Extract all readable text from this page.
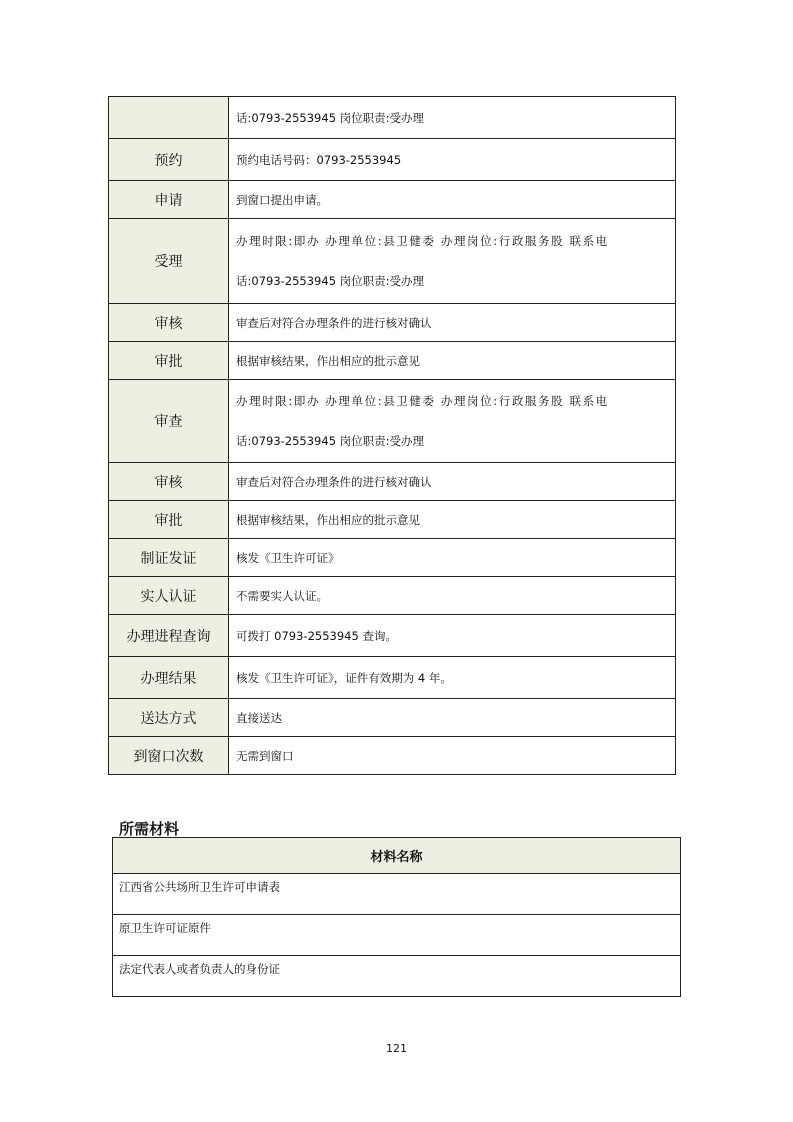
	话:0793-2553945 岗位职责:受办理

预约	预约电话号码：0793-2553945
申请	到窗口提出申请。
受理	办理时限:即办 办理单位:县卫健委 办理岗位:行政服务股 联系电
话:0793-2553945 岗位职责:受办理

审核	审查后对符合办理条件的进行核对确认
审批	根据审核结果，作出相应的批示意见
审查	办理时限:即办 办理单位:县卫健委 办理岗位:行政服务股 联系电
话:0793-2553945 岗位职责:受办理

审核	审查后对符合办理条件的进行核对确认
审批	根据审核结果，作出相应的批示意见
制证发证	核发《卫生许可证》
实人认证	不需要实人认证。
办理进程查询	可拨打 0793-2553945 查询。
办理结果	核发《卫生许可证》，证件有效期为 4 年。
送达方式	直接送达
到窗口次数	无需到窗口
所需材料
材料名称
江西省公共场所卫生许可申请表
原卫生许可证原件
法定代表人或者负责人的身份证
121
